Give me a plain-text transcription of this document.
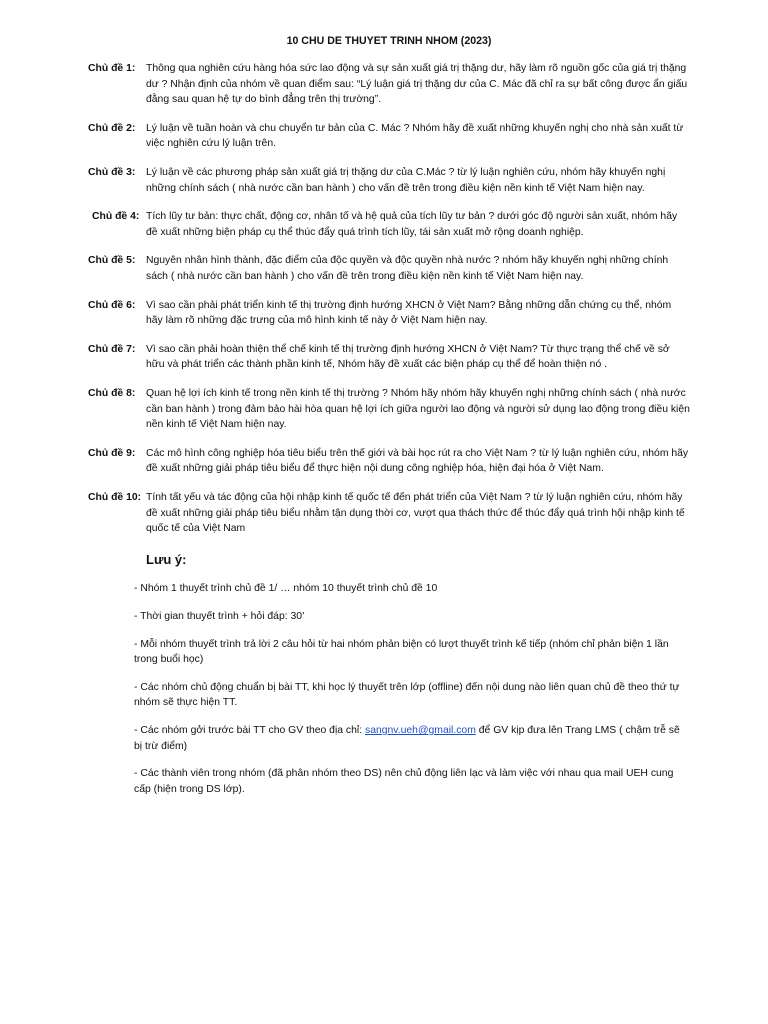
10 CHU DE THUYET TRINH NHOM (2023)
Chủ đề 1: Thông qua nghiên cứu hàng hóa sức lao động và sự sản xuất giá trị thặng dư, hãy làm rõ nguồn gốc của giá trị thặng dư ? Nhận định của nhóm về quan điểm sau: “Lý luận giá trị thặng dư của C. Mác đã chỉ ra sự bất công được ẩn giấu đằng sau quan hệ tự do bình đẳng trên thị trường”.
Chủ đề 2: Lý luận về tuần hoàn và chu chuyển tư bản của C. Mác ? Nhóm hãy đề xuất những khuyến nghị cho nhà sản xuất từ việc nghiên cứu lý luận trên.
Chủ đề 3: Lý luận về các phương pháp sản xuất giá trị thặng dư của C.Mác ? từ lý luận nghiên cứu, nhóm hãy khuyến nghị những chính sách ( nhà nước cần ban hành ) cho vấn đề trên trong điều kiện nền kinh tế Việt Nam hiện nay.
Chủ đề 4: Tích lũy tư bản: thực chất, động cơ, nhân tố và hệ quả của tích lũy tư bản ? dưới góc độ người sản xuất, nhóm hãy đề xuất những biện pháp cụ thể thúc đẩy quá trình tích lũy, tái sản xuất mở rộng doanh nghiệp.
Chủ đề 5: Nguyên nhân hình thành, đặc điểm của độc quyền và độc quyền nhà nước ? nhóm hãy khuyến nghị những chính sách ( nhà nước cần ban hành ) cho vấn đề trên trong điều kiện nền kinh tế Việt Nam hiện nay.
Chủ đề 6: Vì sao cần phải phát triển kinh tế thị trường định hướng XHCN ở Việt Nam? Bằng những dẫn chứng cụ thể, nhóm hãy làm rõ những đặc trưng của mô hình kinh tế này ở Việt Nam hiện nay.
Chủ đề 7: Vì sao cần phải hoàn thiện thể chế kinh tế thị trường định hướng XHCN ở Việt Nam? Từ thực trạng thể chế về sở hữu và phát triển các thành phần kinh tế, Nhóm hãy đề xuất các biện pháp cụ thể để hoàn thiện nó .
Chủ đề 8: Quan hệ lợi ích kinh tế trong nền kinh tế thị trường ? Nhóm hãy nhóm hãy khuyến nghị những chính sách ( nhà nước cần ban hành ) trong đảm bảo hài hòa quan hệ lợi ích giữa người lao động và người sử dụng lao động trong điều kiện nền kinh tế Việt Nam hiện nay.
Chủ đề 9: Các mô hình công nghiệp hóa tiêu biểu trên thế giới và bài học rút ra cho Việt Nam ? từ lý luận nghiên cứu, nhóm hãy đề xuất những giải pháp tiêu biểu để thực hiện nội dung công nghiệp hóa, hiện đại hóa ở Việt Nam.
Chủ đề 10: Tính tất yếu và tác động của hội nhập kinh tế quốc tế đến phát triển của Việt Nam ? từ lý luận nghiên cứu, nhóm hãy đề xuất những giải pháp tiêu biểu nhằm tận dụng thời cơ, vượt qua thách thức để thúc đẩy quá trình hội nhập kinh tế quốc tế của Việt Nam
Lưu ý:
- Nhóm 1 thuyết trình chủ đề 1/ … nhóm 10 thuyết trình chủ đề 10
- Thời gian thuyết trình + hỏi đáp: 30’
- Mỗi nhóm thuyết trình trả lời 2 câu hỏi từ hai nhóm phản biện có lượt thuyết trình kế tiếp (nhóm chỉ phản biện 1 lần trong buổi học)
- Các nhóm chủ động chuẩn bị bài TT, khi học lý thuyết trên lớp (offline) đến nội dung nào liên quan chủ đề theo thứ tự nhóm sẽ thực hiện TT.
- Các nhóm gởi trước bài TT cho GV theo địa chỉ: sangnv.ueh@gmail.com để GV kịp đưa lên Trang LMS ( chậm trễ sẽ bị trừ điểm)
- Các thành viên trong nhóm (đã phân nhóm theo DS) nên chủ động liên lạc và làm việc với nhau qua mail UEH cung cấp (hiện trong DS lớp).
